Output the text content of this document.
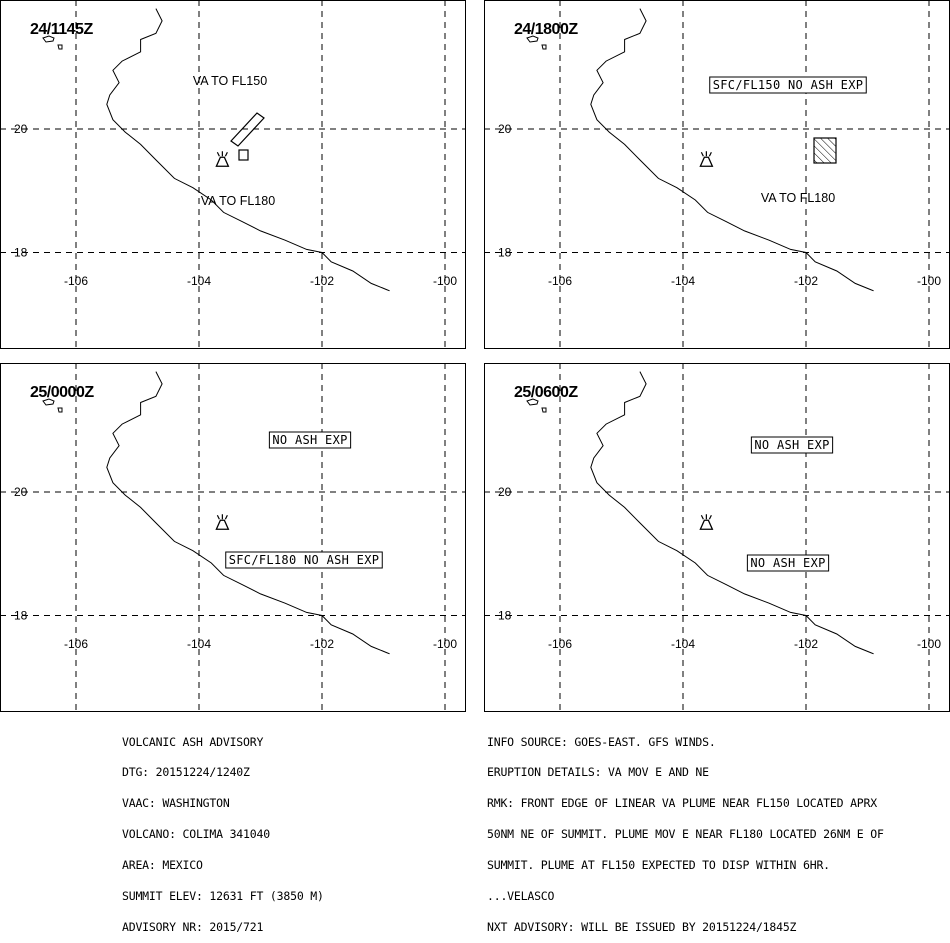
20
18
-106	-104	-102	-100
24/1145Z
VA TO FL150
VA TO FL180
20
18
-106	-104	-102	-100
24/1800Z
SFC/FL150 NO ASH EXP
VA TO FL180
20
18
-106	-104	-102	-100
25/0000Z
NO ASH EXP
SFC/FL180 NO ASH EXP
20
18
-106	-104	-102	-100
25/0600Z
NO ASH EXP
NO ASH EXP

VOLCANIC ASH ADVISORY

DTG: 20151224/1240Z

VAAC: WASHINGTON

VOLCANO: COLIMA 341040

AREA: MEXICO

SUMMIT ELEV: 12631 FT (3850 M)

ADVISORY NR: 2015/721

INFO SOURCE: GOES-EAST. GFS WINDS.

ERUPTION DETAILS: VA MOV E AND NE

RMK: FRONT EDGE OF LINEAR VA PLUME NEAR FL150 LOCATED APRX

50NM NE OF SUMMIT. PLUME MOV E NEAR FL180 LOCATED 26NM E OF

SUMMIT. PLUME AT FL150 EXPECTED TO DISP WITHIN 6HR.

...VELASCO

NXT ADVISORY: WILL BE ISSUED BY 20151224/1845Z
